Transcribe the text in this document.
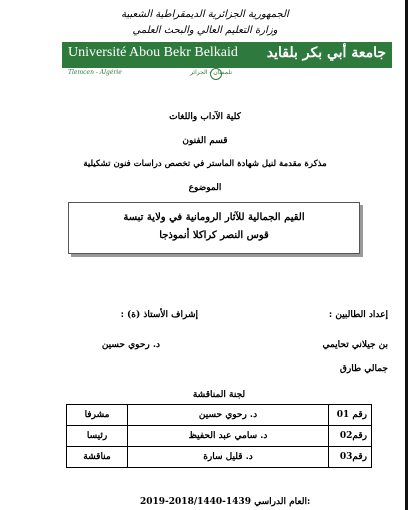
الجمهورية الجزائرية الديمقراطية الشعبية
وزارة التعليم العالي والبحث العلمي
Université Abou Bekr Belkaid جامعة أبي بكر بلقايد
Tlemcen - Algérie	تلمسان - الجزائر
كلية الآداب واللغات
قسم الفنون
مذكرة مقدمة لنيل شهادة الماستر في تخصص دراسات فنون تشكيلية
الموضوع
القيم الجمالية للآثار الرومانية في ولاية تبسة
قوس النصر كراكلا أنموذجا
إعداد الطالبين :
إشراف الأستاذ (ة) :
بن جيلاني تحايمي
د. رحوي حسين
جمالي طارق
لجنة المناقشة
رقم 01	د. رحوي حسين	مشرفا
رقم02	د. سامي عبد الحفيظ	رئيسا
رقم03	د. قليل سارة	مناقشة
2019-2018/1440-1439 العام الدراسي:
